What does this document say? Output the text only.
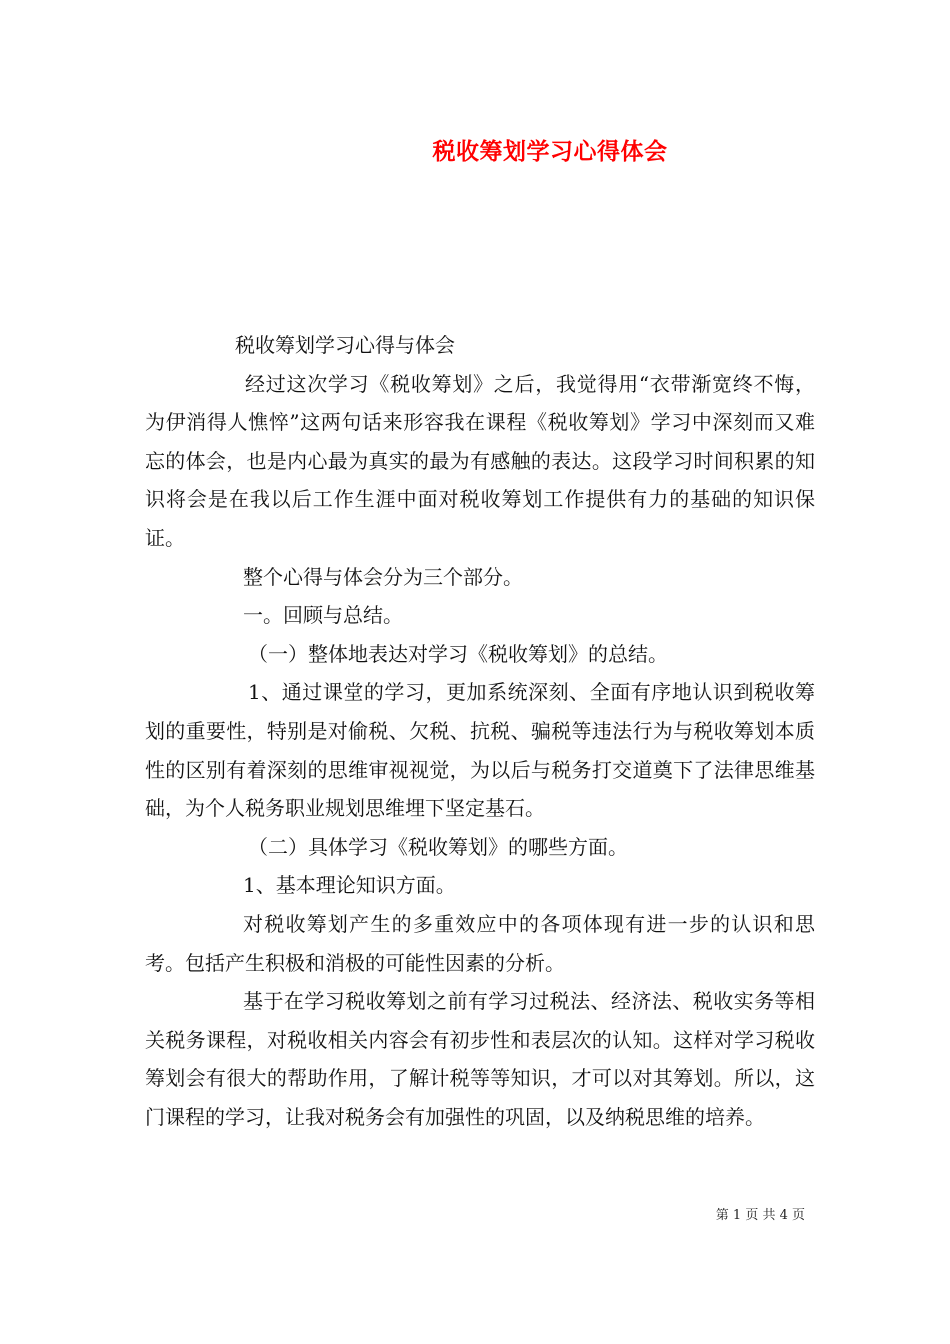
税收筹划学习心得体会

税收筹划学习心得与体会

经过这次学习《税收筹划》之后，我觉得用“衣带渐宽终不悔，为伊消得人憔悴”这两句话来形容我在课程《税收筹划》学习中深刻而又难忘的体会，也是内心最为真实的最为有感触的表达。这段学习时间积累的知识将会是在我以后工作生涯中面对税收筹划工作提供有力的基础的知识保证。

整个心得与体会分为三个部分。

一。回顾与总结。

（一）整体地表达对学习《税收筹划》的总结。

1、通过课堂的学习，更加系统深刻、全面有序地认识到税收筹划的重要性，特别是对偷税、欠税、抗税、骗税等违法行为与税收筹划本质性的区别有着深刻的思维审视视觉，为以后与税务打交道奠下了法律思维基础，为个人税务职业规划思维埋下坚定基石。

（二）具体学习《税收筹划》的哪些方面。

1、基本理论知识方面。

对税收筹划产生的多重效应中的各项体现有进一步的认识和思考。包括产生积极和消极的可能性因素的分析。

基于在学习税收筹划之前有学习过税法、经济法、税收实务等相关税务课程，对税收相关内容会有初步性和表层次的认知。这样对学习税收筹划会有很大的帮助作用，了解计税等等知识，才可以对其筹划。所以，这门课程的学习，让我对税务会有加强性的巩固，以及纳税思维的培养。

第 1 页 共 4 页
